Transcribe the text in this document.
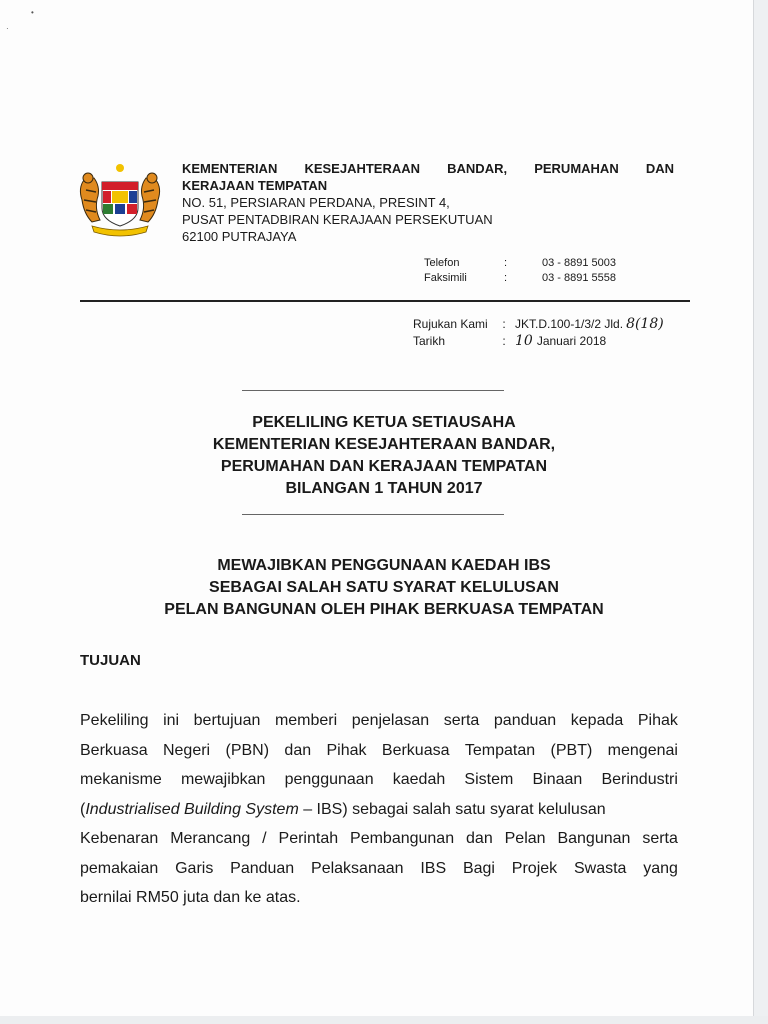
•
·
KEMENTERIAN KESEJAHTERAAN BANDAR, PERUMAHAN DAN
KERAJAAN TEMPATAN
NO. 51, PERSIARAN PERDANA, PRESINT 4,
PUSAT PENTADBIRAN KERAJAAN PERSEKUTUAN
62100 PUTRAJAYA
Telefon	:	03 - 8891 5003
Faksimili	:	03 - 8891 5558
Rujukan Kami	: JKT.D.100-1/3/2 Jld. 8(18)
Tarikh	: 10 Januari 2018
PEKELILING KETUA SETIAUSAHA
KEMENTERIAN KESEJAHTERAAN BANDAR,
PERUMAHAN DAN KERAJAAN TEMPATAN
BILANGAN 1 TAHUN 2017
MEWAJIBKAN PENGGUNAAN KAEDAH IBS
SEBAGAI SALAH SATU SYARAT KELULUSAN
PELAN BANGUNAN OLEH PIHAK BERKUASA TEMPATAN
TUJUAN
Pekeliling ini bertujuan memberi penjelasan serta panduan kepada Pihak
Berkuasa Negeri (PBN) dan Pihak Berkuasa Tempatan (PBT) mengenai
mekanisme mewajibkan penggunaan kaedah Sistem Binaan Berindustri
( Industrialised Building System – IBS) sebagai salah satu syarat kelulusan
Kebenaran Merancang / Perintah Pembangunan dan Pelan Bangunan serta
pemakaian Garis Panduan Pelaksanaan IBS Bagi Projek Swasta yang
bernilai RM50 juta dan ke atas.
